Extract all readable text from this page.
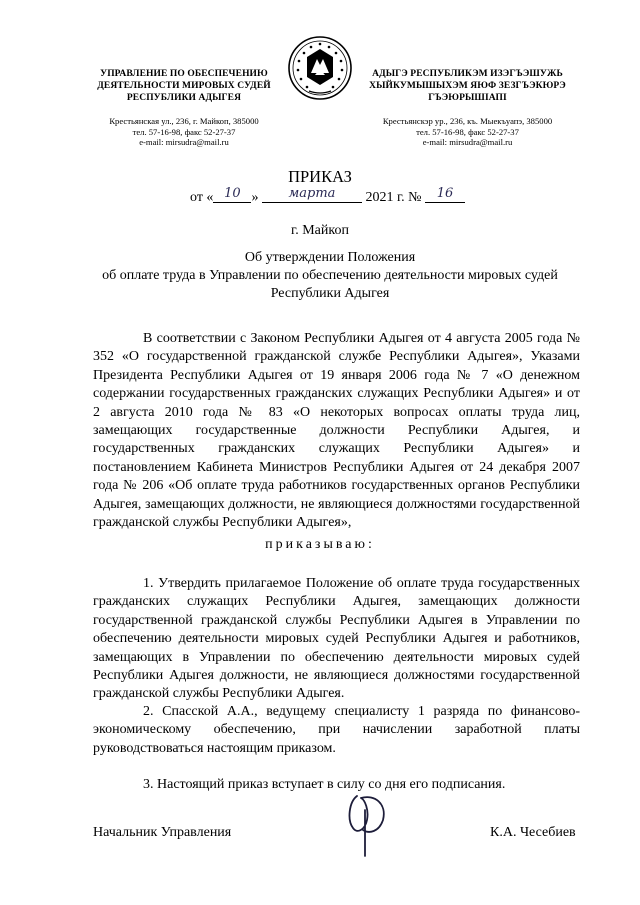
УПРАВЛЕНИЕ ПО ОБЕСПЕЧЕНИЮ
ДЕЯТЕЛЬНОСТИ МИРОВЫХ СУДЕЙ
РЕСПУБЛИКИ АДЫГЕЯ
Крестьянская ул., 236, г. Майкоп, 385000
тел. 57-16-98, факс 52-27-37
e-mail: mirsudra@mail.ru
АДЫГЭ РЕСПУБЛИКЭМ ИЗЭГЪЭШУЖЬ
ХЫЙКУМЫШЫХЭМ ЯЮФ ЗЕЗГЪЭКЮРЭ
ГЪЭЮРЫШIАПI
Крестьянскэр ур., 236, къ. Мыекъуапэ, 385000
тел. 57-16-98, факс 52-27-37
e-mail: mirsudra@mail.ru
ПРИКАЗ
от « 10 »	марта	2021 г. №	16
г. Майкоп
Об утверждении Положения
об оплате труда в Управлении по обеспечению деятельности мировых судей
Республики Адыгея
В соответствии с Законом Республики Адыгея от 4 августа 2005 года № 352 «О государственной гражданской службе Республики Адыгея», Указами Президента Республики Адыгея от 19 января 2006 года № 7 «О денежном содержании государственных гражданских служащих Республики Адыгея» и от 2 августа 2010 года № 83 «О некоторых вопросах оплаты труда лиц, замещающих государственные должности Республики Адыгея, и государственных гражданских служащих Республики Адыгея» и постановлением Кабинета Министров Республики Адыгея от 24 декабря 2007 года № 206 «Об оплате труда работников государственных органов Республики Адыгея, замещающих должности, не являющиеся должностями государственной гражданской службы Республики Адыгея»,
приказываю:
1. Утвердить прилагаемое Положение об оплате труда государственных гражданских служащих Республики Адыгея, замещающих должности государственной гражданской службы Республики Адыгея в Управлении по обеспечению деятельности мировых судей Республики Адыгея и работников, замещающих в Управлении по обеспечению деятельности мировых судей Республики Адыгея должности, не являющиеся должностями государственной гражданской службы Республики Адыгея.
2. Спасской А.А., ведущему специалисту 1 разряда по финансово-экономическому обеспечению, при начислении заработной платы руководствоваться настоящим приказом.
3. Настоящий приказ вступает в силу со дня его подписания.
Начальник Управления	К.А. Чесебиев
